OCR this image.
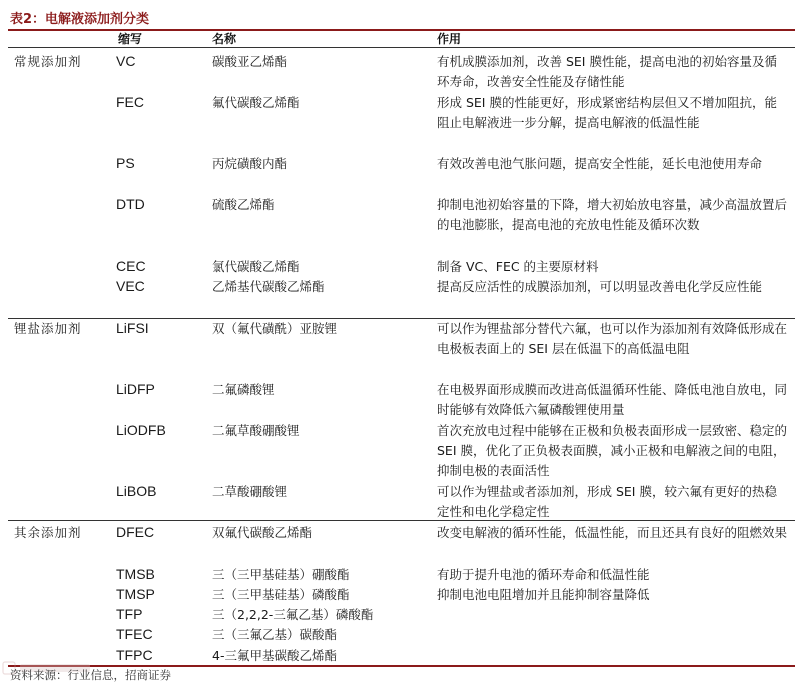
表2：电解液添加剂分类
缩写	名称	作用
常规添加剂 VC	碳酸亚乙烯酯	有机成膜添加剂，改善 SEI 膜性能，提高电池的初始容量及循环寿命，改善安全性能及存储性能
FEC	氟代碳酸乙烯酯	形成 SEI 膜的性能更好，形成紧密结构层但又不增加阻抗，能阻止电解液进一步分解，提高电解液的低温性能
PS	丙烷磺酸内酯	有效改善电池气胀问题，提高安全性能，延长电池使用寿命
DTD	硫酸乙烯酯	抑制电池初始容量的下降，增大初始放电容量，减少高温放置后的电池膨胀，提高电池的充放电性能及循环次数
CEC	氯代碳酸乙烯酯	制备 VC、FEC 的主要原材料
VEC	乙烯基代碳酸乙烯酯	提高反应活性的成膜添加剂，可以明显改善电化学反应性能
锂盐添加剂 LiFSI	双（氟代磺酰）亚胺锂	可以作为锂盐部分替代六氟，也可以作为添加剂有效降低形成在电极板表面上的 SEI 层在低温下的高低温电阻
LiDFP	二氟磷酸锂	在电极界面形成膜而改进高低温循环性能、降低电池自放电，同时能够有效降低六氟磷酸锂使用量
LiODFB	二氟草酸硼酸锂	首次充放电过程中能够在正极和负极表面形成一层致密、稳定的 SEI 膜，优化了正负极表面膜，减小正极和电解液之间的电阻，抑制电极的表面活性
LiBOB	二草酸硼酸锂	可以作为锂盐或者添加剂，形成 SEI 膜，较六氟有更好的热稳定性和电化学稳定性
其余添加剂 DFEC	双氟代碳酸乙烯酯	改变电解液的循环性能，低温性能，而且还具有良好的阻燃效果
TMSB	三（三甲基硅基）硼酸酯	有助于提升电池的循环寿命和低温性能
TMSP	三（三甲基硅基）磷酸酯	抑制电池电阻增加并且能抑制容量降低
TFP	三（2,2,2-三氟乙基）磷酸酯
TFEC	三（三氟乙基）碳酸酯
TFPC	4-三氟甲基碳酸乙烯酯
资料来源：行业信息，招商证券
